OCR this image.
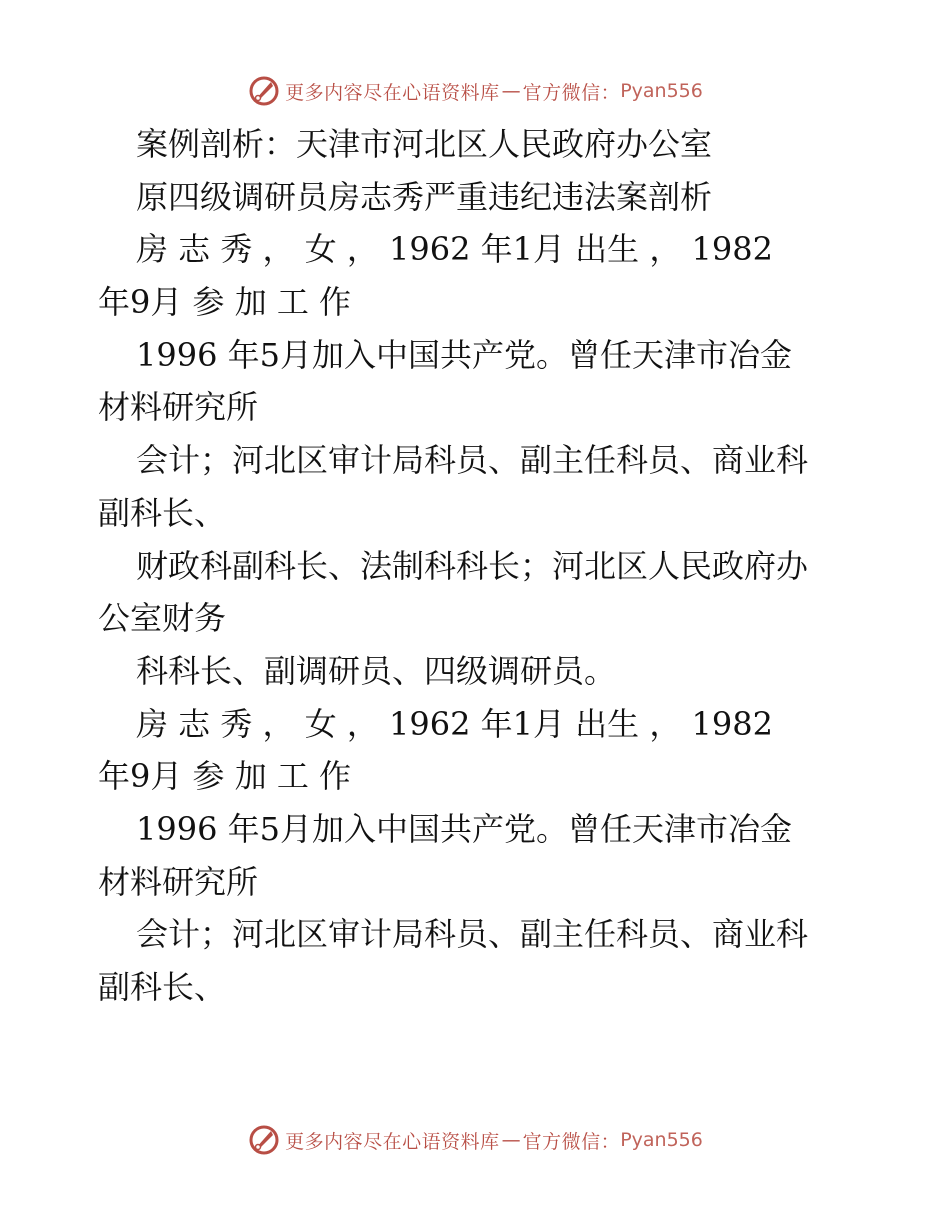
更多内容尽在心语资料库 — 官方微信： Pyan556
案例剖析：天津市河北区人民政府办公室
原四级调研员房志秀严重违纪违法案剖析
房 志 秀 ， 女 ， 1962 年1月 出生 ， 1982
年9月 参 加 工 作
1996 年5月加入中国共产党。曾任天津市冶金
材料研究所
会计；河北区审计局科员、副主任科员、商业科
副科长、
财政科副科长、法制科科长；河北区人民政府办
公室财务
科科长、副调研员、四级调研员。
房 志 秀 ， 女 ， 1962 年1月 出生 ， 1982
年9月 参 加 工 作
1996 年5月加入中国共产党。曾任天津市冶金
材料研究所
会计；河北区审计局科员、副主任科员、商业科
副科长、
更多内容尽在心语资料库 — 官方微信： Pyan556
